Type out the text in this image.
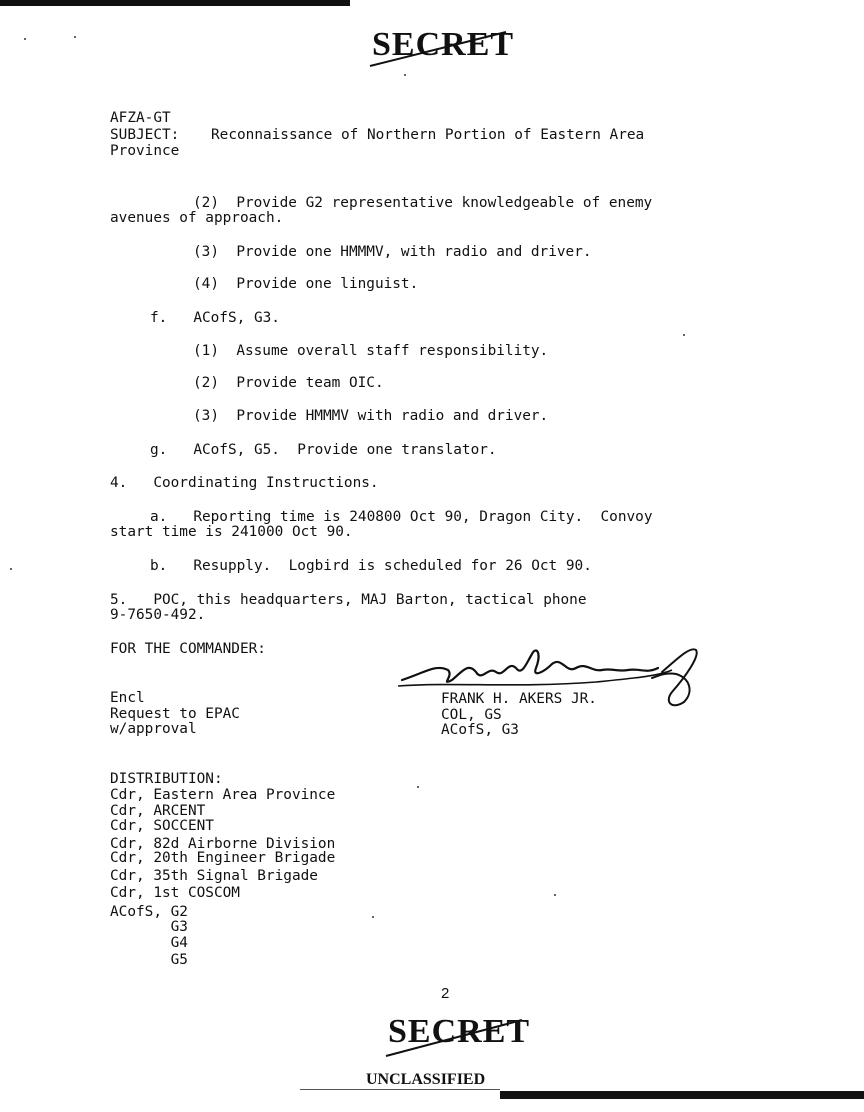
SECRET
AFZA-GT
SUBJECT: Reconnaissance of Northern Portion of Eastern Area
Province
(2)  Provide G2 representative knowledgeable of enemy
avenues of approach.
(3)  Provide one HMMMV, with radio and driver.
(4)  Provide one linguist.
f.   ACofS, G3.
(1)  Assume overall staff responsibility.
(2)  Provide team OIC.
(3)  Provide HMMMV with radio and driver.
g.   ACofS, G5.  Provide one translator.
4.   Coordinating Instructions.
a.   Reporting time is 240800 Oct 90, Dragon City.  Convoy
start time is 241000 Oct 90.
b.   Resupply.  Logbird is scheduled for 26 Oct 90.
5.   POC, this headquarters, MAJ Barton, tactical phone
9-7650-492.
FOR THE COMMANDER:
FRANK H. AKERS JR.
COL, GS
ACofS, G3
Encl
Request to EPAC
w/approval
DISTRIBUTION:
Cdr, Eastern Area Province
Cdr, ARCENT
Cdr, SOCCENT
Cdr, 82d Airborne Division
Cdr, 20th Engineer Brigade
Cdr, 35th Signal Brigade
Cdr, 1st COSCOM
ACofS, G2
G3
G4
G5
2
SECRET
UNCLASSIFIED
